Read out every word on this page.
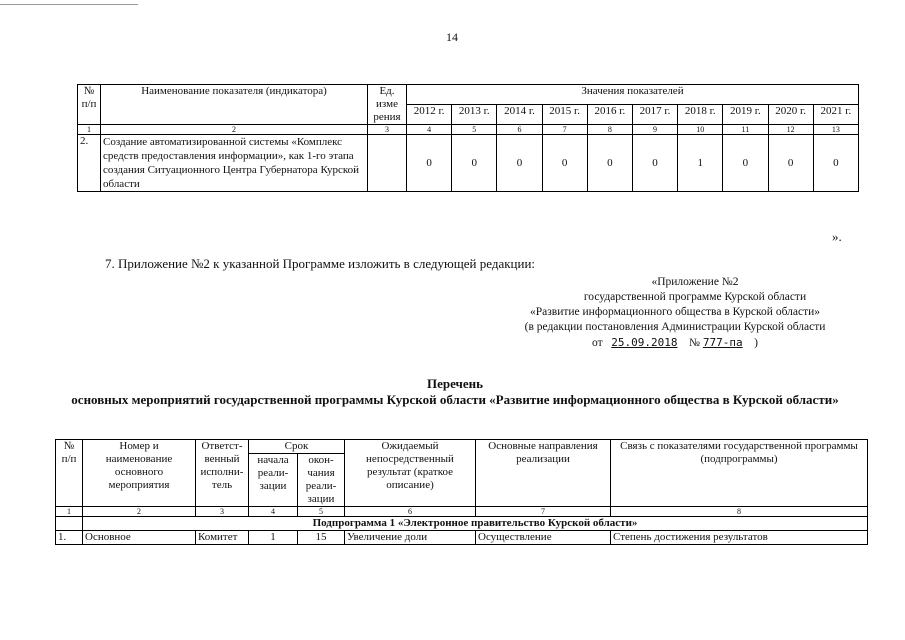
14
№ п/п	Наименование показателя (индикатора)	Ед. изме рения	Значения показателей									
			2012 г.	2013 г.	2014 г.	2015 г.	2016 г.	2017 г.	2018 г.	2019 г.	2020 г.	2021 г.
1	2	3	4	5	6	7	8	9	10	11	12	13
2.	Создание автоматизированной системы «Комплекс средств предоставления информации», как 1-го этапа создания Ситуационного Центра Губернатора Курской области		0	0	0	0	0	0	1	0	0	0
».
7. Приложение №2 к указанной Программе изложить в следующей редакции:
«Приложение №2
государственной программе Курской области
«Развитие информационного общества в Курской области»
(в редакции постановления Администрации Курской области
от 25.09.2018 № 777-па )
Перечень
основных мероприятий государственной программы Курской области «Развитие информационного общества в Курской области»
№ п/п	Номер и наименование основного мероприятия	Ответст-венный исполни-тель	Срок		Ожидаемый непосредственный результат (краткое описание)	Основные направления реализации	Связь с показателями государственной программы (подпрограммы)
			начала реали-зации	окон-чания реали-зации			
1	2	3	4	5	6	7	8
	Подпрограмма 1 «Электронное правительство Курской области»						
1.	Основное	Комитет	1	15	Увеличение доли	Осуществление	Степень достижения результатов
